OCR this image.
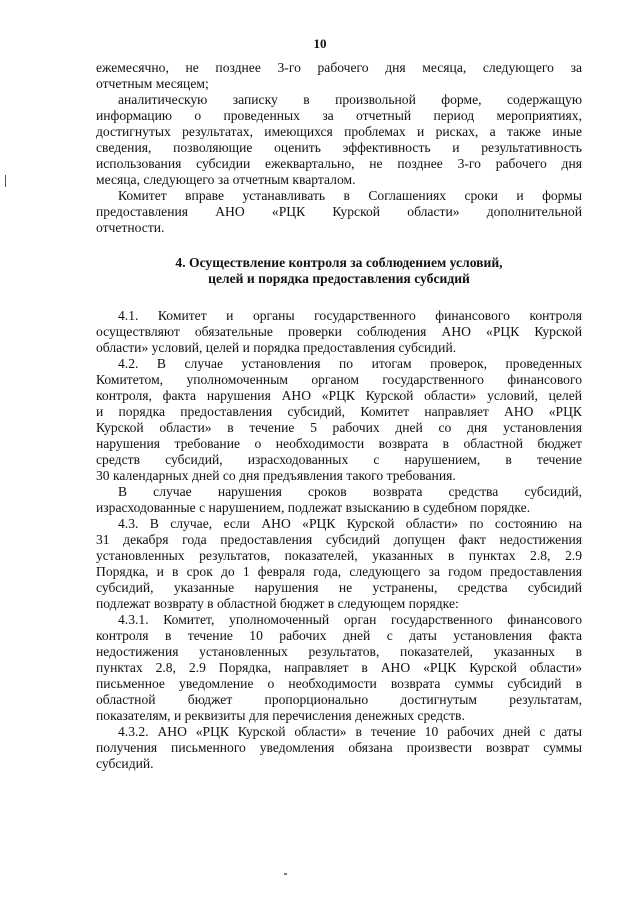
10
ежемесячно, не позднее 3-го рабочего дня месяца, следующего за
отчетным месяцем;
аналитическую записку в произвольной форме, содержащую
информацию о проведенных за отчетный период мероприятиях,
достигнутых результатах, имеющихся проблемах и рисках, а также иные
сведения, позволяющие оценить эффективность и результативность
использования субсидии ежеквартально, не позднее 3-го рабочего дня
месяца, следующего за отчетным кварталом.
Комитет вправе устанавливать в Соглашениях сроки и формы
предоставления АНО «РЦК Курской области» дополнительной
отчетности.
4. Осуществление контроля за соблюдением условий,
целей и порядка предоставления субсидий
4.1. Комитет и органы государственного финансового контроля
осуществляют обязательные проверки соблюдения АНО «РЦК Курской
области» условий, целей и порядка предоставления субсидий.
4.2. В случае установления по итогам проверок, проведенных
Комитетом, уполномоченным органом государственного финансового
контроля, факта нарушения АНО «РЦК Курской области» условий, целей
и порядка предоставления субсидий, Комитет направляет АНО «РЦК
Курской области» в течение 5 рабочих дней со дня установления
нарушения требование о необходимости возврата в областной бюджет
средств субсидий, израсходованных с нарушением, в течение
30 календарных дней со дня предъявления такого требования.
В случае нарушения сроков возврата средства субсидий,
израсходованные с нарушением, подлежат взысканию в судебном порядке.
4.3. В случае, если АНО «РЦК Курской области» по состоянию на
31 декабря года предоставления субсидий допущен факт недостижения
установленных результатов, показателей, указанных в пунктах 2.8, 2.9
Порядка, и в срок до 1 февраля года, следующего за годом предоставления
субсидий, указанные нарушения не устранены, средства субсидий
подлежат возврату в областной бюджет в следующем порядке:
4.3.1. Комитет, уполномоченный орган государственного финансового
контроля в течение 10 рабочих дней с даты установления факта
недостижения установленных результатов, показателей, указанных в
пунктах 2.8, 2.9 Порядка, направляет в АНО «РЦК Курской области»
письменное уведомление о необходимости возврата суммы субсидий в
областной бюджет пропорционально достигнутым результатам,
показателям, и реквизиты для перечисления денежных средств.
4.3.2. АНО «РЦК Курской области» в течение 10 рабочих дней с даты
получения письменного уведомления обязана произвести возврат суммы
субсидий.
